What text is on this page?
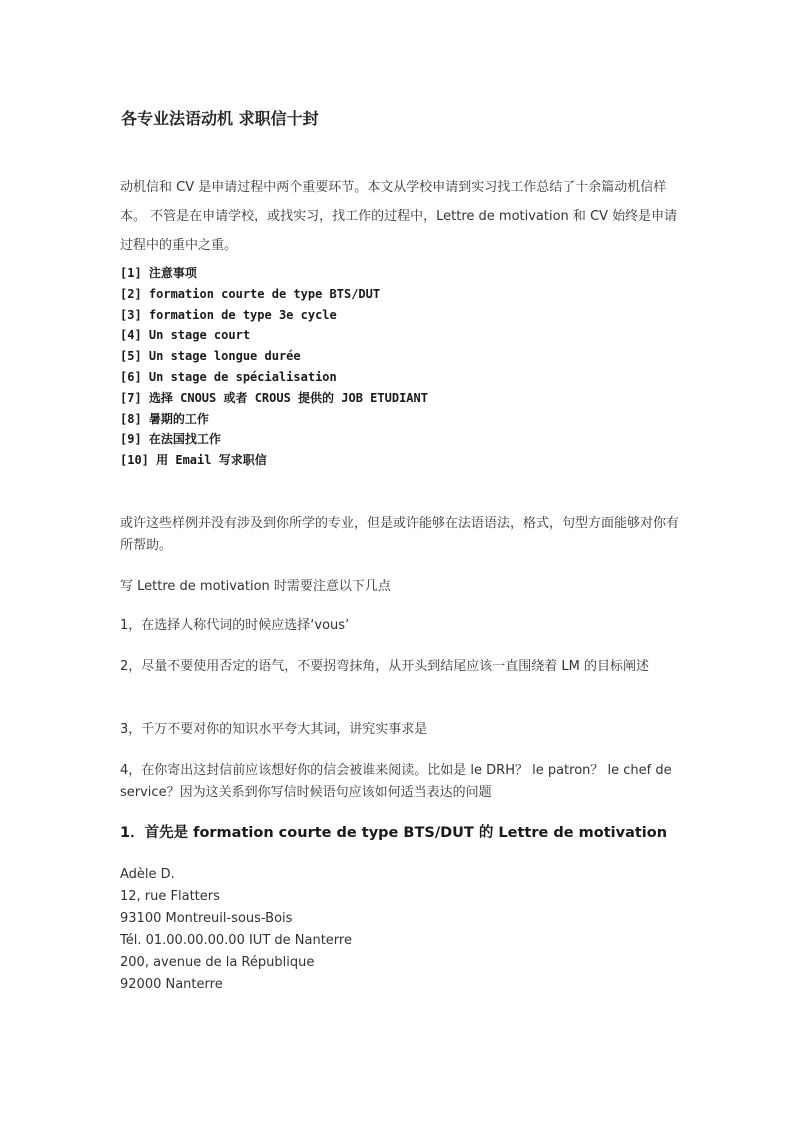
各专业法语动机 求职信十封
动机信和 CV 是申请过程中两个重要环节。本文从学校申请到实习找工作总结了十余篇动机信样本。 不管是在申请学校，或找实习，找工作的过程中，Lettre de motivation 和 CV 始终是申请过程中的重中之重。
[1] 注意事项
[2] formation courte de type BTS/DUT
[3] formation de type 3e cycle
[4] Un stage court
[5] Un stage longue durée
[6] Un stage de spécialisation
[7] 选择 CNOUS 或者 CROUS 提供的 JOB ETUDIANT
[8] 暑期的工作
[9] 在法国找工作
[10] 用 Email 写求职信
或许这些样例并没有涉及到你所学的专业，但是或许能够在法语语法，格式，句型方面能够对你有所帮助。
写 Lettre de motivation 时需要注意以下几点
1，在选择人称代词的时候应选择‘vous’
2，尽量不要使用否定的语气，不要拐弯抹角，从开头到结尾应该一直围绕着 LM 的目标阐述
3，千万不要对你的知识水平夸大其词，讲究实事求是
4，在你寄出这封信前应该想好你的信会被谁来阅读。比如是 le DRH？ le patron？ le chef de service？因为这关系到你写信时候语句应该如何适当表达的问题
1．首先是 formation courte de type BTS/DUT 的 Lettre de motivation
Adèle D.
12, rue Flatters
93100 Montreuil-sous-Bois
Tél. 01.00.00.00.00 IUT de Nanterre
200, avenue de la République
92000 Nanterre
